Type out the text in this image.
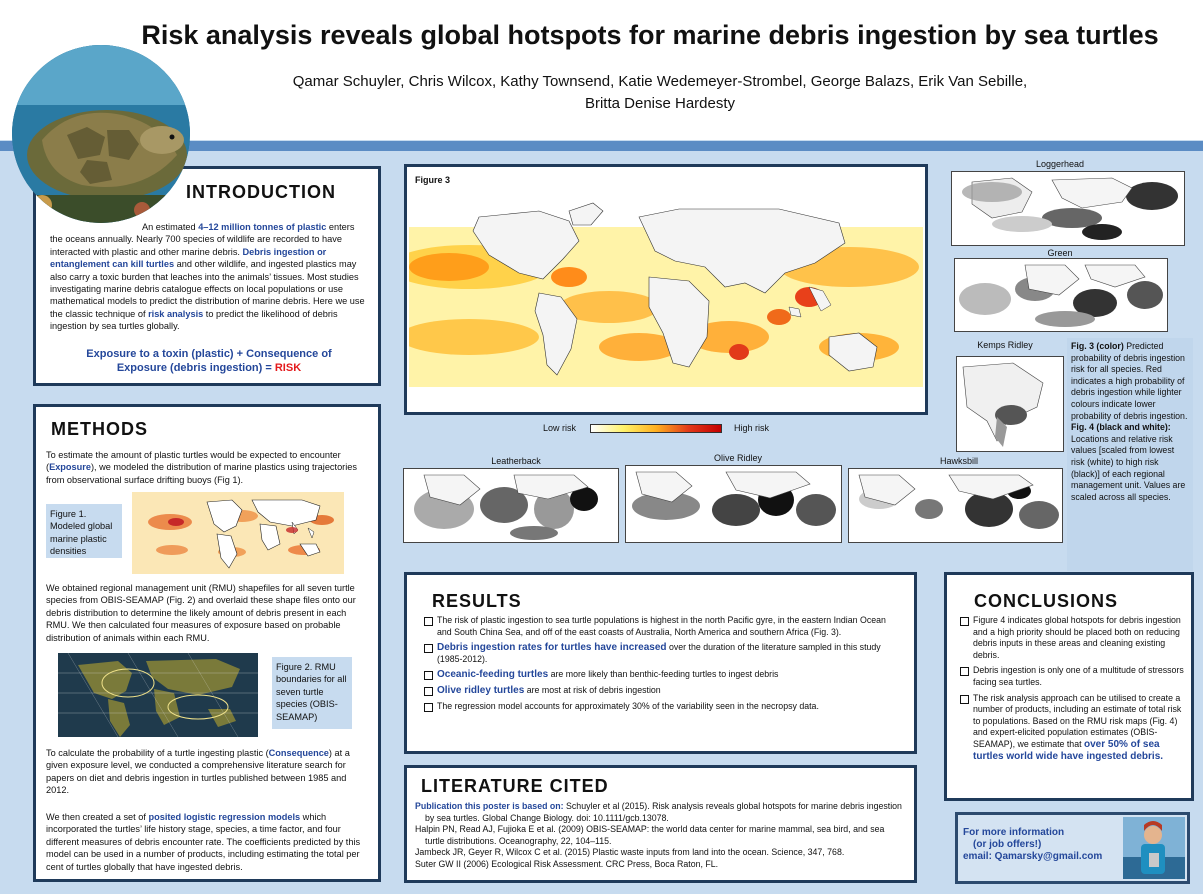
Risk analysis reveals global hotspots for marine debris ingestion by sea turtles
Qamar Schuyler, Chris Wilcox, Kathy Townsend, Katie Wedemeyer-Strombel, George Balazs, Erik Van Sebille,
Britta Denise Hardesty
INTRODUCTION
An estimated 4–12 million tonnes of plastic enters the oceans annually. Nearly 700 species of wildlife are recorded to have interacted with plastic and other marine debris. Debris ingestion or entanglement can kill turtles and other wildlife, and ingested plastics may also carry a toxic burden that leaches into the animals’ tissues. Most studies investigating marine debris catalogue effects on local populations or use mathematical models to predict the distribution of marine debris. Here we use the classic technique of risk analysis to predict the likelihood of debris ingestion by sea turtles globally.
Exposure to a toxin (plastic) + Consequence of
Exposure (debris ingestion) = RISK
METHODS
To estimate the amount of plastic turtles would be expected to encounter (Exposure), we modeled the distribution of marine plastics using trajectories from observational surface drifting buoys (Fig 1).
Figure 1. Modeled global marine plastic densities
We obtained regional management unit (RMU) shapefiles for all seven turtle species from OBIS-SEAMAP (Fig. 2) and overlaid these shape files onto our debris distribution to determine the likely amount of debris present in each RMU. We then calculated four measures of exposure based on probable distribution of animals within each RMU.
Figure 2. RMU boundaries for all seven turtle species (OBIS-SEAMAP)
To calculate the probability of a turtle ingesting plastic (Consequence) at a given exposure level, we conducted a comprehensive literature search for papers on diet and debris ingestion in turtles published between 1985 and 2012.
We then created a set of posited logistic regression models which incorporated the turtles’ life history stage, species, a time factor, and four different measures of debris encounter rate. The coefficients predicted by this model can be used in a number of products, including estimating the total per cent of turtles globally that have ingested debris.
Figure 3
Low risk	High risk
Loggerhead
Green
Kemps Ridley	Fig. 3 (color) Predicted probability of debris ingestion risk for all species. Red indicates a high probability of debris ingestion while lighter colours indicate lower probability of debris ingestion.
Fig. 4 (black and white): Locations and relative risk values [scaled from lowest risk (white) to high risk (black)] of each regional management unit. Values are scaled across all species.
Leatherback	Olive Ridley	Hawksbill
RESULTS
The risk of plastic ingestion to sea turtle populations is highest in the north Pacific gyre, in the eastern Indian Ocean and South China Sea, and off of the east coasts of Australia, North America and southern Africa (Fig. 3).
Debris ingestion rates for turtles have increased over the duration of the literature sampled in this study (1985-2012).
Oceanic-feeding turtles are more likely than benthic-feeding turtles to ingest debris
Olive ridley turtles are most at risk of debris ingestion
The regression model accounts for approximately 30% of the variability seen in the necropsy data.
CONCLUSIONS
Figure 4 indicates global hotspots for debris ingestion and a high priority should be placed both on reducing debris inputs in these areas and cleaning existing debris.
Debris ingestion is only one of a multitude of stressors facing sea turtles.
The risk analysis approach can be utilised to create a number of products, including an estimate of total risk to populations. Based on the RMU risk maps (Fig. 4) and expert-elicited population estimates (OBIS-SEAMAP), we estimate that over 50% of sea turtles world wide have ingested debris.
LITERATURE CITED
Publication this poster is based on: Schuyler et al (2015). Risk analysis reveals global hotspots for marine debris ingestion by sea turtles. Global Change Biology. doi: 10.1111/gcb.13078.
Halpin PN, Read AJ, Fujioka E et al. (2009) OBIS-SEAMAP: the world data center for marine mammal, sea bird, and sea turtle distributions. Oceanography, 22, 104–115.
Jambeck JR, Geyer R, Wilcox C et al. (2015) Plastic waste inputs from land into the ocean. Science, 347, 768.
Suter GW II (2006) Ecological Risk Assessment. CRC Press, Boca Raton, FL.
For more information
(or job offers!)
email: Qamarsky@gmail.com
